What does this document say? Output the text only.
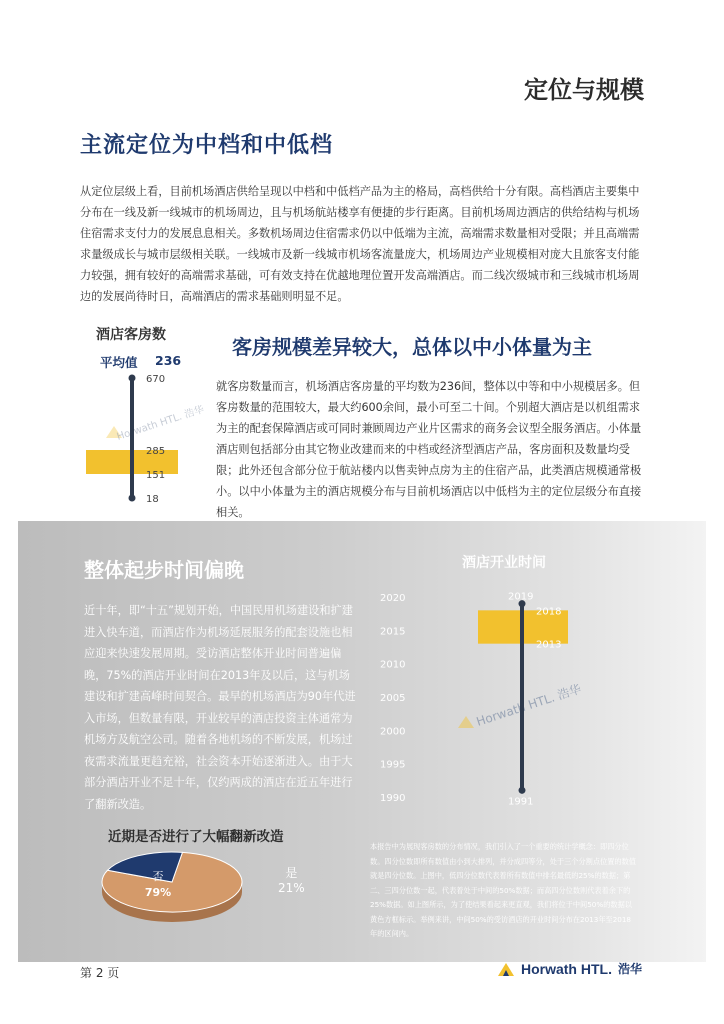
定位与规模
主流定位为中档和中低档
从定位层级上看，目前机场酒店供给呈现以中档和中低档产品为主的格局，高档供给十分有限。高档酒店主要集中分布在一线及新一线城市的机场周边，且与机场航站楼享有便捷的步行距离。目前机场周边酒店的供给结构与机场住宿需求支付力的发展息息相关。多数机场周边住宿需求仍以中低端为主流，高端需求数量相对受限；并且高端需求量级成长与城市层级相关联。一线城市及新一线城市机场客流量庞大，机场周边产业规模相对庞大且旅客支付能力较强，拥有较好的高端需求基础，可有效支持在优越地理位置开发高端酒店。而二线次级城市和三线城市机场周边的发展尚待时日，高端酒店的需求基础则明显不足。
酒店客房数
平均值 236
Horwath HTL. 浩华
670
285
151
18
客房规模差异较大，总体以中小体量为主
就客房数量而言，机场酒店客房量的平均数为236间，整体以中等和中小规模居多。但客房数量的范围较大，最大约600余间，最小可至二十间。个别超大酒店是以机组需求为主的配套保障酒店或可同时兼顾周边产业片区需求的商务会议型全服务酒店。小体量酒店则包括部分由其它物业改建而来的中档或经济型酒店产品，客房面积及数量均受限；此外还包含部分位于航站楼内以售卖钟点房为主的住宿产品，此类酒店规模通常极小。以中小体量为主的酒店规模分布与目前机场酒店以中低档为主的定位层级分布直接相关。
整体起步时间偏晚
近十年，即“十五”规划开始，中国民用机场建设和扩建进入快车道，而酒店作为机场延展服务的配套设施也相应迎来快速发展周期。受访酒店整体开业时间普遍偏晚，75%的酒店开业时间在2013年及以后，这与机场建设和扩建高峰时间契合。最早的机场酒店为90年代进入市场，但数量有限，开业较早的酒店投资主体通常为机场方及航空公司。随着各地机场的不断发展，机场过夜需求流量更趋充裕，社会资本开始逐渐进入。由于大部分酒店开业不足十年，仅约两成的酒店在近五年进行了翻新改造。
酒店开业时间
Horwath HTL. 浩华
2020
2015
2010
2005
2000
1995
1990
2019
2018
2013
1991
近期是否进行了大幅翻新改造
否
79%
是
21%
本报告中为展现客房数的分布情况，我们引入了一个重要的统计学概念：即四分位数。四分位数即所有数值由小到大排列，并分成四等分，处于三个分割点位置的数值就是四分位数。上图中，低四分位数代表着所有数值中排名最低的25%的数据；第二、三四分位数一起，代表着处于中间的50%数据；而高四分位数则代表着余下的25%数据。如上图所示，为了使结果看起来更直观，我们将位于中间50%的数据以黄色方框标示。举例来讲，中间50%的受访酒店的开业时间分布在2013年至2018年的区间内。
第 2 页	Horwath HTL. 浩华
